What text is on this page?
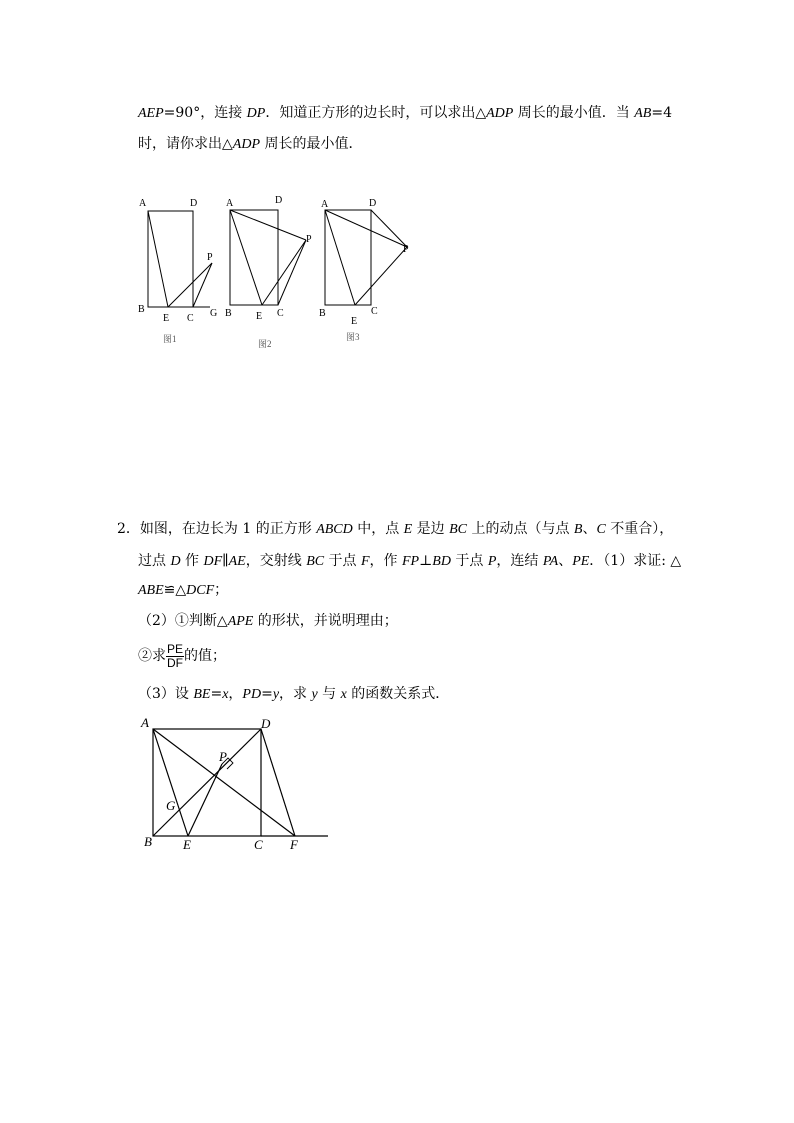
AEP=90°，连接 DP．知道正方形的边长时，可以求出△ADP 周长的最小值．当 AB=4
时，请你求出△ADP 周长的最小值．
A	D
P
B
E C G
图1
A	D
P
B E C
图2
A	D
P
B
E
C
图3
2．如图，在边长为 1 的正方形 ABCD 中，点 E 是边 BC 上的动点（与点 B、C 不重合），
过点 D 作 DF∥AE，交射线 BC 于点 F，作 FP⊥BD 于点 P，连结 PA、PE．（1）求证: △
ABE≌△DCF；
（2）①判断△APE 的形状，并说明理由；
②求 $\frac{PE}{DF}$ 的值；
（3）设 BE=x，PD=y，求 y 与 x 的函数关系式．
A	D
P
G
B E	C F
